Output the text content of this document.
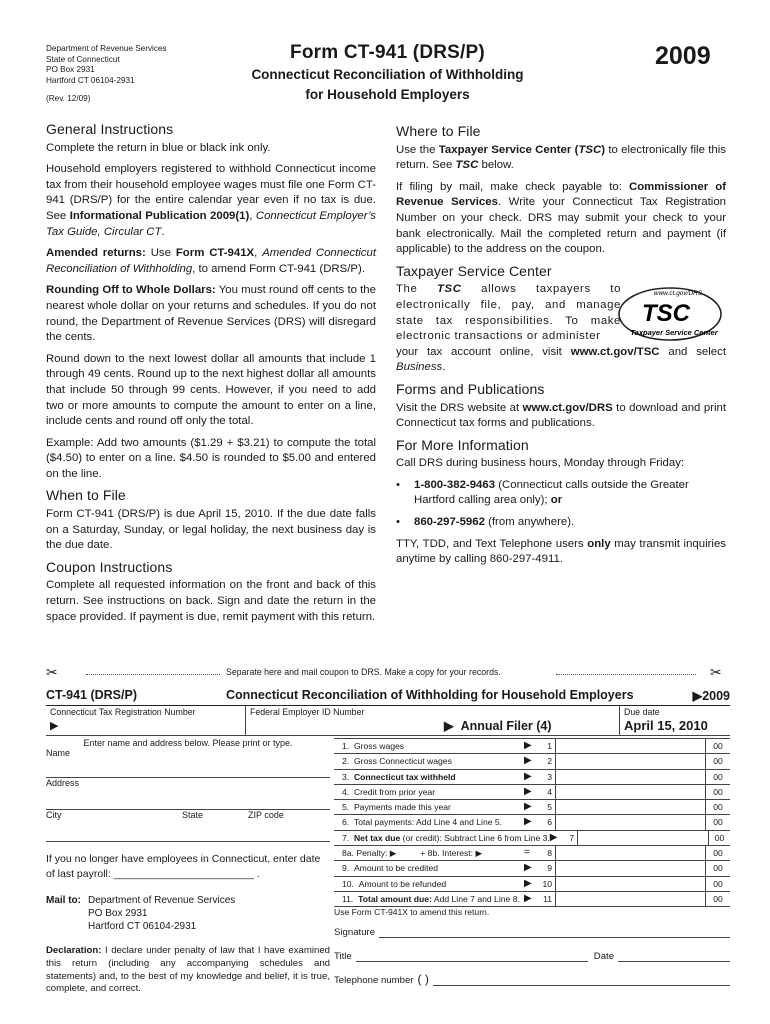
Department of Revenue Services
State of Connecticut
PO Box 2931
Hartford CT 06104-2931
(Rev. 12/09)
Form CT-941 (DRS/P)
Connecticut Reconciliation of Withholding
for Household Employers
2009
General Instructions

Complete the return in blue or black ink only.

Household employers registered to withhold Connecticut income tax from their household employee wages must file one Form CT-941 (DRS/P) for the entire calendar year even if no tax is due. See Informational Publication 2009(1), Connecticut Employer’s Tax Guide, Circular CT.

Amended returns: Use Form CT-941X, Amended Connecticut Reconciliation of Withholding, to amend Form CT-941 (DRS/P).

Rounding Off to Whole Dollars: You must round off cents to the nearest whole dollar on your returns and schedules. If you do not round, the Department of Revenue Services (DRS) will disregard the cents.

Round down to the next lowest dollar all amounts that include 1 through 49 cents. Round up to the next highest dollar all amounts that include 50 through 99 cents. However, if you need to add two or more amounts to compute the amount to enter on a line, include cents and round off only the total.

Example: Add two amounts ($1.29 + $3.21) to compute the total ($4.50) to enter on a line. $4.50 is rounded to $5.00 and entered on the line.

When to File

Form CT-941 (DRS/P) is due April 15, 2010. If the due date falls on a Saturday, Sunday, or legal holiday, the next business day is the due date.

Coupon Instructions

Complete all requested information on the front and back of this return. See instructions on back. Sign and date the return in the space provided. If payment is due, remit payment with this return.

Where to File

Use the Taxpayer Service Center (TSC) to electronically file this return. See TSC below.

If filing by mail, make check payable to: Commissioner of Revenue Services. Write your Connecticut Tax Registration Number on your check. DRS may submit your check to your bank electronically. Mail the completed return and payment (if applicable) to the address on the coupon.

Taxpayer Service Center
The TSC allows taxpayers to electronically file, pay, and manage state tax responsibilities. To make electronic transactions or administer
www.ct.gov/DRS
TSC
Taxpayer Service Center

your tax account online, visit www.ct.gov/TSC and select Business.

Forms and Publications

Visit the DRS website at www.ct.gov/DRS to download and print Connecticut tax forms and publications.

For More Information

Call DRS during business hours, Monday through Friday:

•	1-800-382-9463 (Connecticut calls outside the Greater Hartford calling area only); or
•	860-297-5962 (from anywhere).

TTY, TDD, and Text Telephone users only may transmit inquiries anytime by calling 860-297-4911.

✂	Separate here and mail coupon to DRS. Make a copy for your records.	✂
CT-941 (DRS/P)	Connecticut Reconciliation of Withholding for Household Employers	▶2009
Connecticut Tax Registration Number
▶
Federal Employer ID Number
▶  Annual Filer (4)
Due date
April 15, 2010
Enter name and address below. Please print or type.
Name
Address
City	State	ZIP code
If you no longer have employees in Connecticut, enter date of last payroll: ________________________ .
Mail to: Department of Revenue Services
PO Box 2931
Hartford CT 06104-2931
Declaration: I declare under penalty of law that I have examined this return (including any accompanying schedules and statements) and, to the best of my knowledge and belief, it is true, complete, and correct.
1. Gross wages	▶	1	00
2. Gross Connecticut wages	▶	2	00
3. Connecticut tax withheld	▶	3	00
4. Credit from prior year	▶	4	00
5. Payments made this year	▶	5	00
6. Total payments: Add Line 4 and Line 5.	▶	6	00
7. Net tax due (or credit): Subtract Line 6 from Line 3. ▶	7	00
8a. Penalty: ▶          + 8b. Interest: ▶	=	8	00
9. Amount to be credited	▶	9	00
10. Amount to be refunded	▶	10	00
11. Total amount due: Add Line 7 and Line 8. ▶	11	00
Use Form CT-941X to amend this return.
Signature
Title	Date
Telephone number ( )
